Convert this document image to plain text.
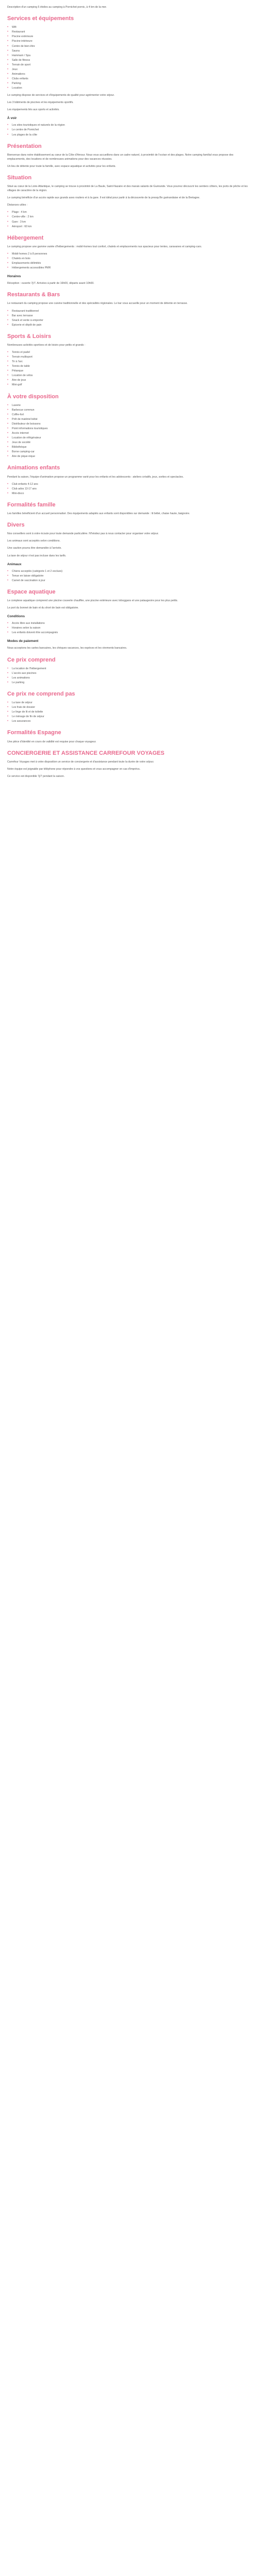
Description d'un camping 5 étoiles au camping à Pornichet pornic, à 4 km de la mer.

Services et équipements
• Wifi
• Restaurant
• Piscine extérieure
• Piscine intérieure
• Centre de bien-être
• Sauna
• Hammam / Spa
• Salle de fitness
• Terrain de sport
• Jeux
• Animations
• Clubs enfants
• Parking
• Location

Le camping dispose de services et d'équipements de qualité pour agrémenter votre séjour.

Les 3 bâtiments de piscines et les équipements sportifs.

Les équipements liés aux sports et activités.

À voir
• Les sites touristiques et naturels de la région
• Le centre de Pornichet
• Les plages de la côte
Présentation

Bienvenue dans notre établissement au cœur de la Côte d'Amour. Nous vous accueillons dans un cadre naturel, à proximité de l'océan et des plages. Notre camping familial vous propose des emplacements, des locations et de nombreuses animations pour des vacances réussies.

Un lieu de détente pour toute la famille, avec espace aquatique et activités pour les enfants.

Situation

Situé au cœur de la Loire-Atlantique, le camping se trouve à proximité de La Baule, Saint-Nazaire et des marais salants de Guérande. Vous pourrez découvrir les sentiers côtiers, les ports de pêche et les villages de caractère de la région.

Le camping bénéficie d'un accès rapide aux grands axes routiers et à la gare. Il est idéal pour partir à la découverte de la presqu'île guérandaise et de la Bretagne.

Distances utiles :

• Plage : 4 km
• Centre-ville : 2 km
• Gare : 3 km
• Aéroport : 60 km
Hébergement

Le camping propose une gamme variée d'hébergements : mobil-homes tout confort, chalets et emplacements nus spacieux pour tentes, caravanes et camping-cars.

• Mobil-homes 2 à 8 personnes
• Chalets en bois
• Emplacements délimités
• Hébergements accessibles PMR
Horaires

Réception : ouverte 7j/7. Arrivées à partir de 16h00, départs avant 10h00.

Restaurants & Bars

Le restaurant du camping propose une cuisine traditionnelle et des spécialités régionales. Le bar vous accueille pour un moment de détente en terrasse.

• Restaurant traditionnel
• Bar avec terrasse
• Snack et vente à emporter
• Épicerie et dépôt de pain
Sports & Loisirs

Nombreuses activités sportives et de loisirs pour petits et grands :

• Tennis et padel
• Terrain multisport
• Tir à l'arc
• Tennis de table
• Pétanque
• Location de vélos
• Aire de jeux
• Mini-golf
À votre disposition
• Laverie
• Barbecue commun
• Coffre-fort
• Prêt de matériel bébé
• Distributeur de boissons
• Point informations touristiques
• Accès internet
• Location de réfrigérateur
• Jeux de société
• Bibliothèque
• Borne camping-car
• Aire de pique-nique
Animations enfants

Pendant la saison, l'équipe d'animation propose un programme varié pour les enfants et les adolescents : ateliers créatifs, jeux, sorties et spectacles.

• Club enfants 4-12 ans
• Club ados 13-17 ans
• Mini-disco
Formalités famille

Les familles bénéficient d'un accueil personnalisé. Des équipements adaptés aux enfants sont disponibles sur demande : lit bébé, chaise haute, baignoire.

Divers

Nos conseillers sont à votre écoute pour toute demande particulière. N'hésitez pas à nous contacter pour organiser votre séjour.

Les animaux sont acceptés selon conditions.

Une caution pourra être demandée à l'arrivée.

La taxe de séjour n'est pas incluse dans les tarifs.

Animaux
• Chiens acceptés (catégorie 1 et 2 exclues)
• Tenue en laisse obligatoire
• Carnet de vaccination à jour
Espace aquatique

Le complexe aquatique comprend une piscine couverte chauffée, une piscine extérieure avec toboggans et une pataugeoire pour les plus petits.

Le port du bonnet de bain et du short de bain est obligatoire.

Conditions
• Accès libre aux installations
• Horaires selon la saison
• Les enfants doivent être accompagnés
Modes de paiement

Nous acceptons les cartes bancaires, les chèques vacances, les espèces et les virements bancaires.

Ce prix comprend
• La location de l'hébergement
• L'accès aux piscines
• Les animations
• Le parking
Ce prix ne comprend pas
• La taxe de séjour
• Les frais de dossier
• Le linge de lit et de toilette
• Le ménage de fin de séjour
• Les assurances
Formalités Espagne

Une pièce d'identité en cours de validité est requise pour chaque voyageur.

CONCIERGERIE ET ASSISTANCE CARREFOUR VOYAGES

Carrefour Voyages met à votre disposition un service de conciergerie et d'assistance pendant toute la durée de votre séjour.

Notre équipe est joignable par téléphone pour répondre à vos questions et vous accompagner en cas d'imprévu.

Ce service est disponible 7j/7 pendant la saison.
